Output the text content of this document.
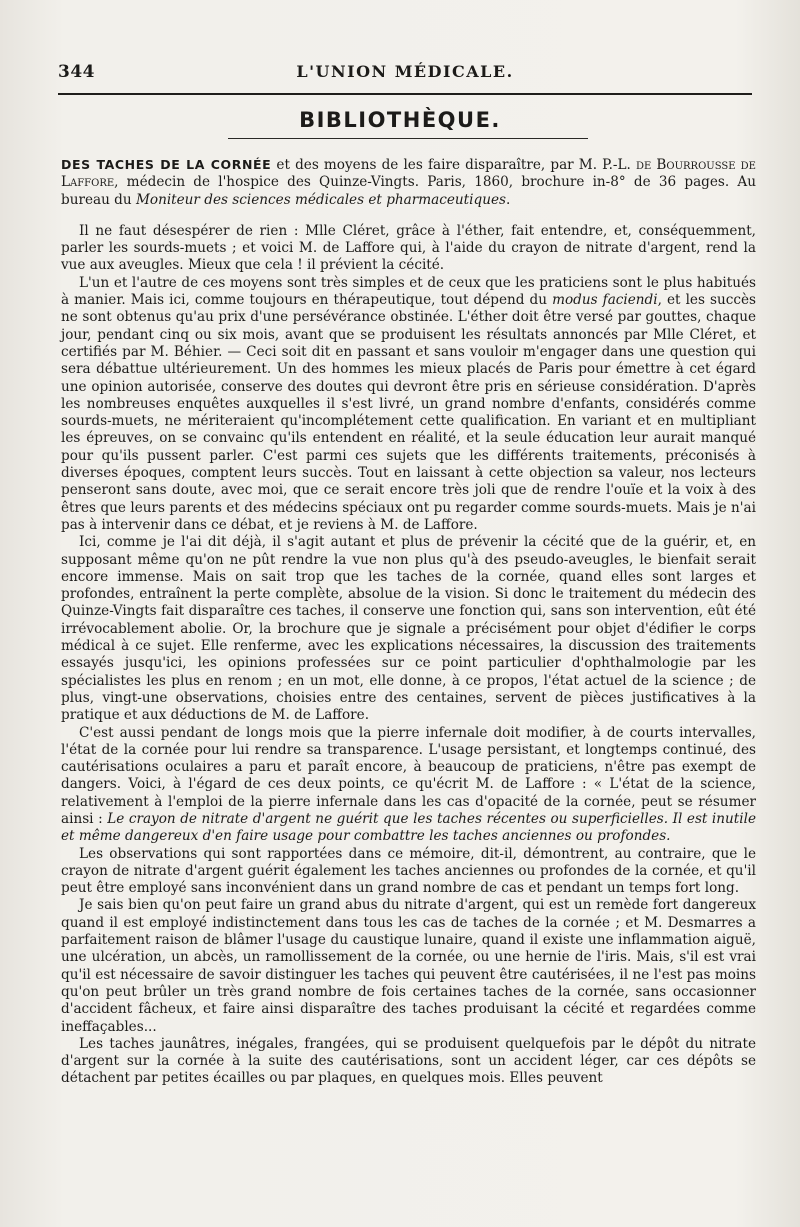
344	L'UNION MÉDICALE.
BIBLIOTHÈQUE.

DES TACHES DE LA CORNÉE et des moyens de les faire disparaître, par M. P.-L. de Bourrousse de Laffore, médecin de l'hospice des Quinze-Vingts. Paris, 1860, brochure in-8° de 36 pages. Au bureau du Moniteur des sciences médicales et pharmaceutiques.

Il ne faut désespérer de rien : Mlle Cléret, grâce à l'éther, fait entendre, et, conséquemment, parler les sourds-muets ; et voici M. de Laffore qui, à l'aide du crayon de nitrate d'argent, rend la vue aux aveugles. Mieux que cela ! il prévient la cécité.

L'un et l'autre de ces moyens sont très simples et de ceux que les praticiens sont le plus habitués à manier. Mais ici, comme toujours en thérapeutique, tout dépend du modus faciendi, et les succès ne sont obtenus qu'au prix d'une persévérance obstinée. L'éther doit être versé par gouttes, chaque jour, pendant cinq ou six mois, avant que se produisent les résultats annoncés par Mlle Cléret, et certifiés par M. Béhier. — Ceci soit dit en passant et sans vouloir m'engager dans une question qui sera débattue ultérieurement. Un des hommes les mieux placés de Paris pour émettre à cet égard une opinion autorisée, conserve des doutes qui devront être pris en sérieuse considération. D'après les nombreuses enquêtes auxquelles il s'est livré, un grand nombre d'enfants, considérés comme sourds-muets, ne mériteraient qu'incomplétement cette qualification. En variant et en multipliant les épreuves, on se convainc qu'ils entendent en réalité, et la seule éducation leur aurait manqué pour qu'ils pussent parler. C'est parmi ces sujets que les différents traitements, préconisés à diverses époques, comptent leurs succès. Tout en laissant à cette objection sa valeur, nos lecteurs penseront sans doute, avec moi, que ce serait encore très joli que de rendre l'ouïe et la voix à des êtres que leurs parents et des médecins spéciaux ont pu regarder comme sourds-muets. Mais je n'ai pas à intervenir dans ce débat, et je reviens à M. de Laffore.

Ici, comme je l'ai dit déjà, il s'agit autant et plus de prévenir la cécité que de la guérir, et, en supposant même qu'on ne pût rendre la vue non plus qu'à des pseudo-aveugles, le bienfait serait encore immense. Mais on sait trop que les taches de la cornée, quand elles sont larges et profondes, entraînent la perte complète, absolue de la vision. Si donc le traitement du médecin des Quinze-Vingts fait disparaître ces taches, il conserve une fonction qui, sans son intervention, eût été irrévocablement abolie. Or, la brochure que je signale a précisément pour objet d'édifier le corps médical à ce sujet. Elle renferme, avec les explications nécessaires, la discussion des traitements essayés jusqu'ici, les opinions professées sur ce point particulier d'ophthalmologie par les spécialistes les plus en renom ; en un mot, elle donne, à ce propos, l'état actuel de la science ; de plus, vingt-une observations, choisies entre des centaines, servent de pièces justificatives à la pratique et aux déductions de M. de Laffore.

C'est aussi pendant de longs mois que la pierre infernale doit modifier, à de courts intervalles, l'état de la cornée pour lui rendre sa transparence. L'usage persistant, et longtemps continué, des cautérisations oculaires a paru et paraît encore, à beaucoup de praticiens, n'être pas exempt de dangers. Voici, à l'égard de ces deux points, ce qu'écrit M. de Laffore : « L'état de la science, relativement à l'emploi de la pierre infernale dans les cas d'opacité de la cornée, peut se résumer ainsi : Le crayon de nitrate d'argent ne guérit que les taches récentes ou superficielles. Il est inutile et même dangereux d'en faire usage pour combattre les taches anciennes ou profondes.

Les observations qui sont rapportées dans ce mémoire, dit-il, démontrent, au contraire, que le crayon de nitrate d'argent guérit également les taches anciennes ou profondes de la cornée, et qu'il peut être employé sans inconvénient dans un grand nombre de cas et pendant un temps fort long.

Je sais bien qu'on peut faire un grand abus du nitrate d'argent, qui est un remède fort dangereux quand il est employé indistinctement dans tous les cas de taches de la cornée ; et M. Desmarres a parfaitement raison de blâmer l'usage du caustique lunaire, quand il existe une inflammation aiguë, une ulcération, un abcès, un ramollissement de la cornée, ou une hernie de l'iris. Mais, s'il est vrai qu'il est nécessaire de savoir distinguer les taches qui peuvent être cautérisées, il ne l'est pas moins qu'on peut brûler un très grand nombre de fois certaines taches de la cornée, sans occasionner d'accident fâcheux, et faire ainsi disparaître des taches produisant la cécité et regardées comme ineffaçables...

Les taches jaunâtres, inégales, frangées, qui se produisent quelquefois par le dépôt du nitrate d'argent sur la cornée à la suite des cautérisations, sont un accident léger, car ces dépôts se détachent par petites écailles ou par plaques, en quelques mois. Elles peuvent
